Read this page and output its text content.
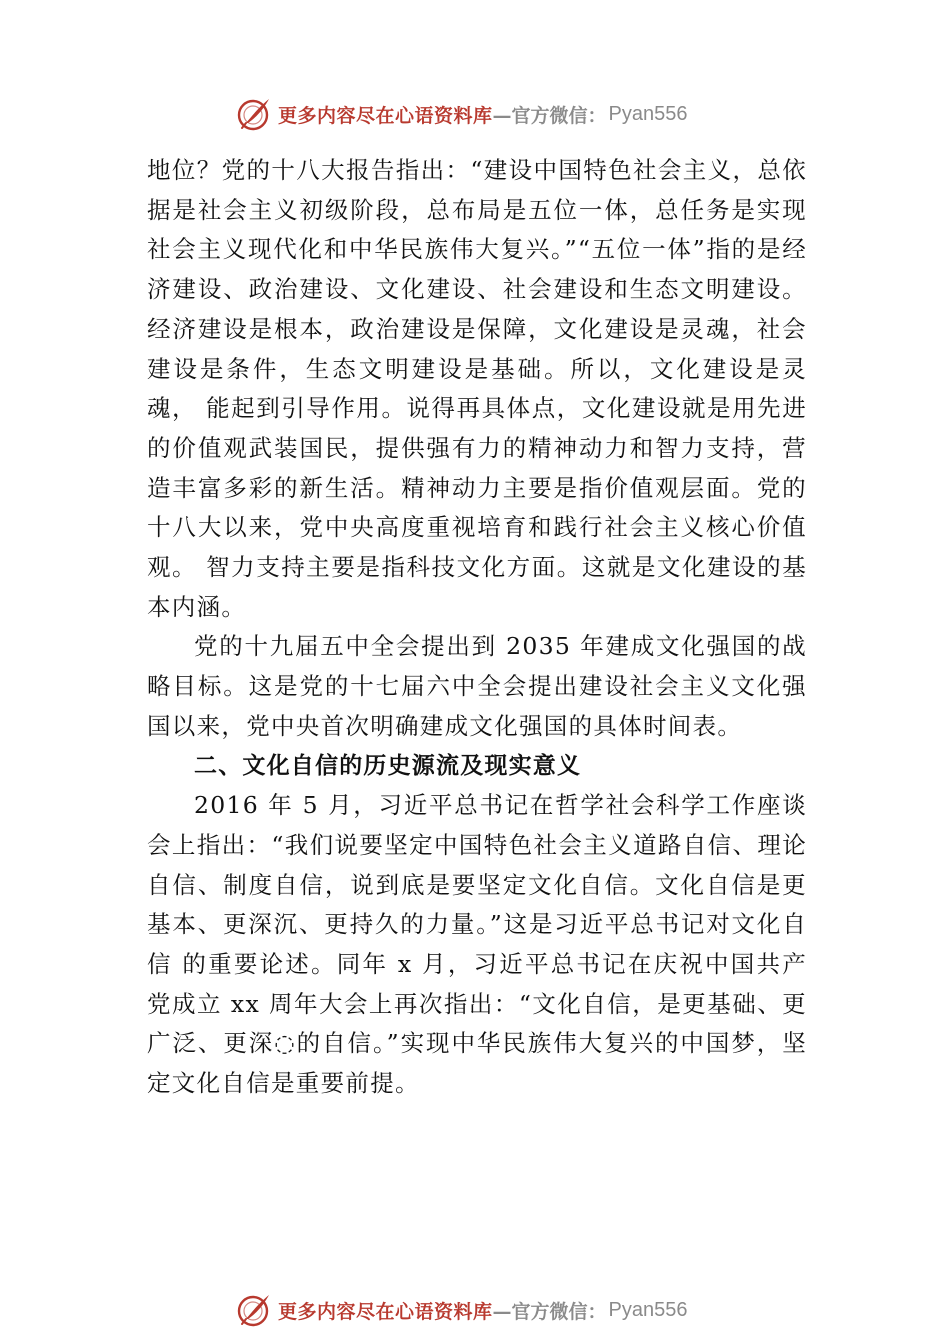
更多内容尽在心语资料库 —官方微信： Pyan556

地位？党的十八大报告指出：“建设中国特色社会主义，总依据是社会主义初级阶段，总布局是五位一体，总任务是实现社会主义现代化和中华民族伟大复兴。”“五位一体”指的是经济建设、政治建设、文化建设、社会建设和生态文明建设。经济建设是根本，政治建设是保障，文化建设是灵魂，社会建设是条件，生态文明建设是基础。所以，文化建设是灵魂， 能起到引导作用。说得再具体点，文化建设就是用先进的价值观武装国民，提供强有力的精神动力和智力支持，营造丰富多彩的新生活。精神动力主要是指价值观层面。党的十八大以来，党中央高度重视培育和践行社会主义核心价值观。 智力支持主要是指科技文化方面。这就是文化建设的基本内涵。

党的十九届五中全会提出到 2035 年建成文化强国的战略目标。这是党的十七届六中全会提出建设社会主义文化强国以来，党中央首次明确建成文化强国的具体时间表。

二、文化自信的历史源流及现实意义

2016 年 5 月，习近平总书记在哲学社会科学工作座谈会上指出：“我们说要坚定中国特色社会主义道路自信、理论自信、制度自信，说到底是要坚定文化自信。文化自信是更基本、更深沉、更持久的力量。”这是习近平总书记对文化自信 的重要论述。同年 x 月，习近平总书记在庆祝中国共产党成立 xx 周年大会上再次指出：“文化自信，是更基础、更广泛、更深◌的自信。”实现中华民族伟大复兴的中国梦，坚定文化自信是重要前提。

更多内容尽在心语资料库 —官方微信： Pyan556
